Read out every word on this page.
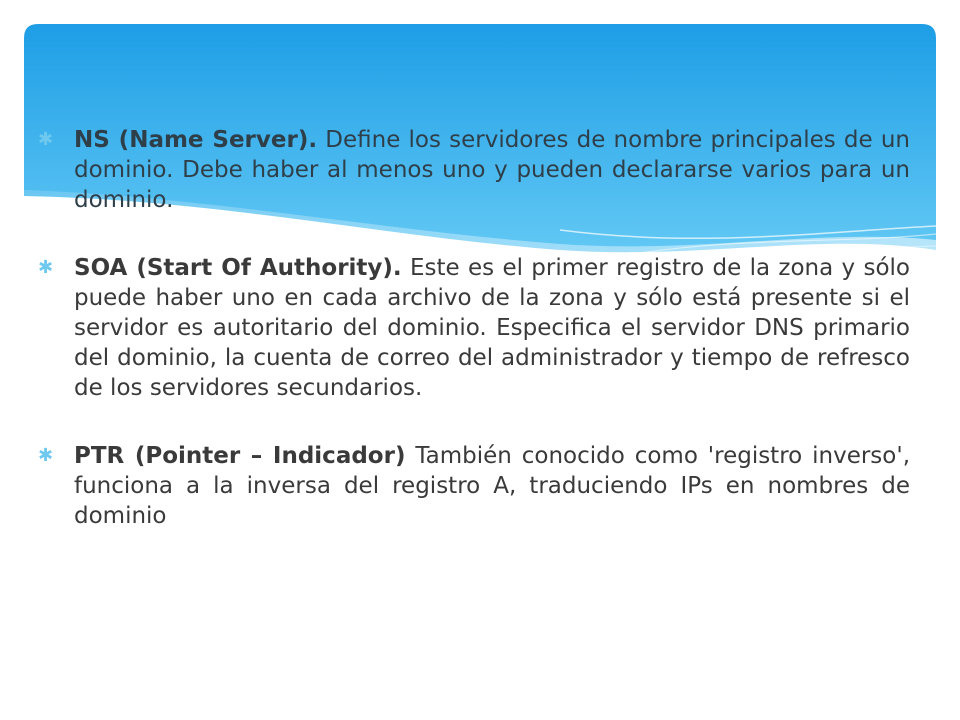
✱ NS (Name Server). Define los servidores de nombre principales de un dominio. Debe haber al menos uno y pueden declararse varios para un dominio.

✱ SOA (Start Of Authority). Este es el primer registro de la zona y sólo puede haber uno en cada archivo de la zona y sólo está presente si el servidor es autoritario del dominio. Especifica el servidor DNS primario del dominio, la cuenta de correo del administrador y tiempo de refresco de los servidores secundarios.

✱ PTR (Pointer – Indicador) También conocido como 'registro inverso', funciona a la inversa del registro A, traduciendo IPs en nombres de dominio
